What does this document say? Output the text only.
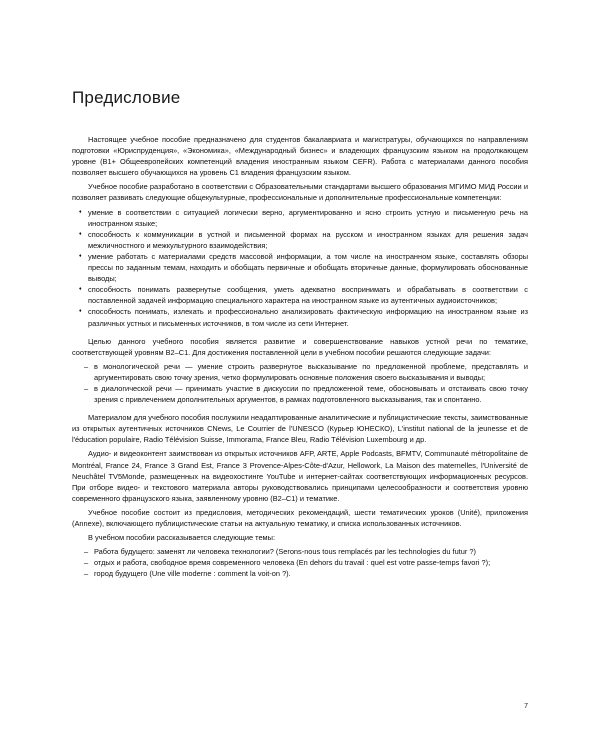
Предисловие

Настоящее учебное пособие предназначено для студентов бакалавриата и магистратуры, обучающихся по направлениям подготовки «Юриспруденция», «Экономика», «Международный бизнес» и владеющих французским языком на продолжающем уровне (В1+ Общеевропейских компетенций владения иностранным языком CEFR). Работа с материалами данного пособия позволяет высшего обучающихся на уровень С1 владения французским языком.

Учебное пособие разработано в соответствии с Образовательными стандартами высшего образования МГИМО МИД России и позволяет развивать следующие общекультурные, профессиональные и дополнительные профессиональные компетенции:

♦ умение в соответствии с ситуацией логически верно, аргументированно и ясно строить устную и письменную речь на иностранном языке;
♦ способность к коммуникации в устной и письменной формах на русском и иностранном языках для решения задач межличностного и межкультурного взаимодействия;
♦ умение работать с материалами средств массовой информации, а том числе на иностранном языке, составлять обзоры прессы по заданным темам, находить и обобщать первичные и обобщать вторичные данные, формулировать обоснованные выводы;
♦ способность понимать развернутые сообщения, уметь адекватно воспринимать и обрабатывать в соответствии с поставленной задачей информацию специального характера на иностранном языке из аутентичных аудиоисточников;
♦ способность понимать, излекать и профессионально анализировать фактическую информацию на иностранном языке из различных устных и письменных источников, в том числе из сети Интернет.

Целью данного учебного пособия является развитие и совершенствование навыков устной речи по тематике, соответствующей уровням В2–С1. Для достижения поставленной цели в учебном пособии решаются следующие задачи:

– в монологической речи — умение строить развернутое высказывание по предложенной проблеме, представлять и аргументировать свою точку зрения, четко формулировать основные положения своего высказывания и выводы;
– в диалогической речи — принимать участие в дискуссии по предложенной теме, обосновывать и отстаивать свою точку зрения с привлечением дополнительных аргументов, в рамках подготовленного высказывания, так и спонтанно.

Материалом для учебного пособия послужили неадаптированные аналитические и публицистические тексты, заимствованные из открытых аутентичных источников CNews, Le Courrier de l'UNESCO (Курьер ЮНЕСКО), L'institut national de la jeunesse et de l'éducation populaire, Radio Télévision Suisse, Immorama, France Bleu, Radio Télévision Luxembourg и др.

Аудио- и видеоконтент заимствован из открытых источников AFP, ARTE, Apple Podcasts, BFMTV, Communauté métropolitaine de Montréal, France 24, France 3 Grand Est, France 3 Provence-Alpes-Côte-d'Azur, Hellowork, La Maison des maternelles, l'Université de Neuchâtel TV5Monde, размещенных на видеохостинге YouTube и интернет-сайтах соответствующих информационных ресурсов. При отборе видео- и текстового материала авторы руководствовались принципами целесообразности и соответствия уровню современного французского языка, заявленному уровню (В2–С1) и тематике.

Учебное пособие состоит из предисловия, методических рекомендаций, шести тематических уроков (Unité), приложения (Annexe), включающего публицистические статьи на актуальную тематику, и списка использованных источников.

В учебном пособии рассказывается следующие темы:

– Работа будущего: заменят ли человека технологии? (Serons-nous tous remplacés par les technologies du futur ?)
– отдых и работа, свободное время современного человека (En dehors du travail : quel est votre passe-temps favori ?);
– город будущего (Une ville moderne : comment la voit-on ?).
7
